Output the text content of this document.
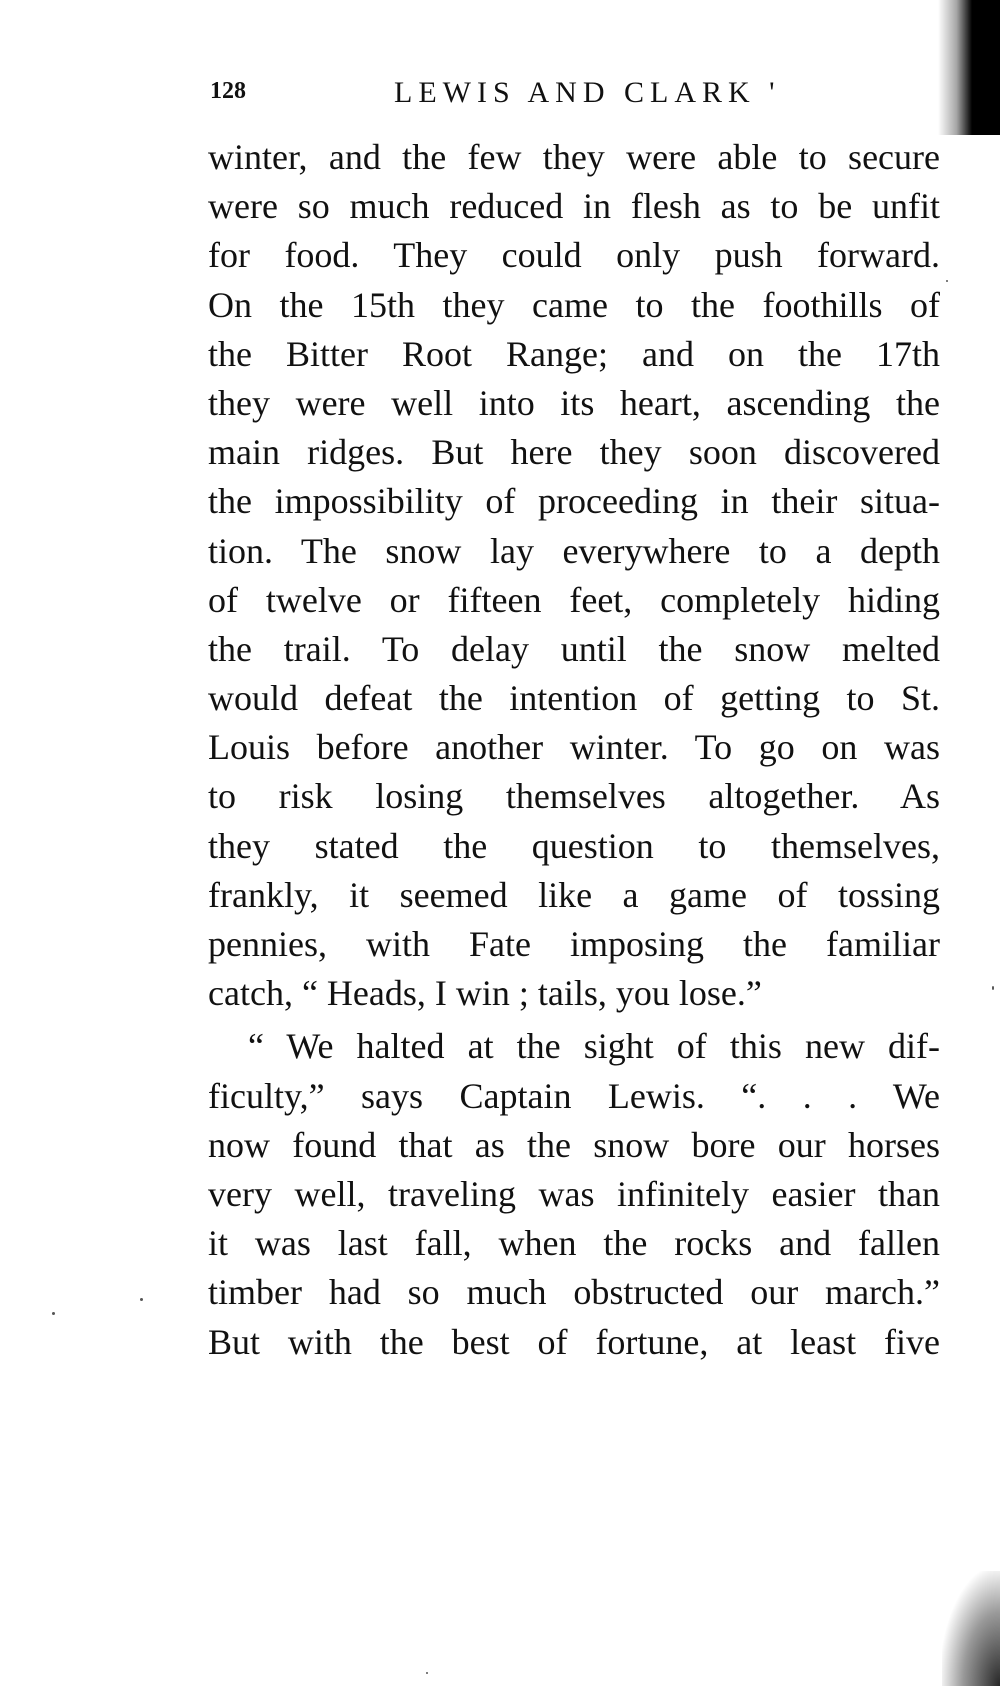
128	LEWIS AND CLARK '
winter, and the few they were able to secure
were so much reduced in flesh as to be unfit
for food. They could only push forward.
On the 15th they came to the foothills of
the Bitter Root Range; and on the 17th
they were well into its heart, ascending the
main ridges. But here they soon discovered
the impossibility of proceeding in their situa-
tion. The snow lay everywhere to a depth
of twelve or fifteen feet, completely hiding
the trail. To delay until the snow melted
would defeat the intention of getting to St.
Louis before another winter. To go on was
to risk losing themselves altogether. As
they stated the question to themselves,
frankly, it seemed like a game of tossing
pennies, with Fate imposing the familiar
catch, “ Heads, I win ; tails, you lose.”
“ We halted at the sight of this new dif-
ficulty,” says Captain Lewis. “. . . We
now found that as the snow bore our horses
very well, traveling was infinitely easier than
it was last fall, when the rocks and fallen
timber had so much obstructed our march.”
But with the best of fortune, at least five
